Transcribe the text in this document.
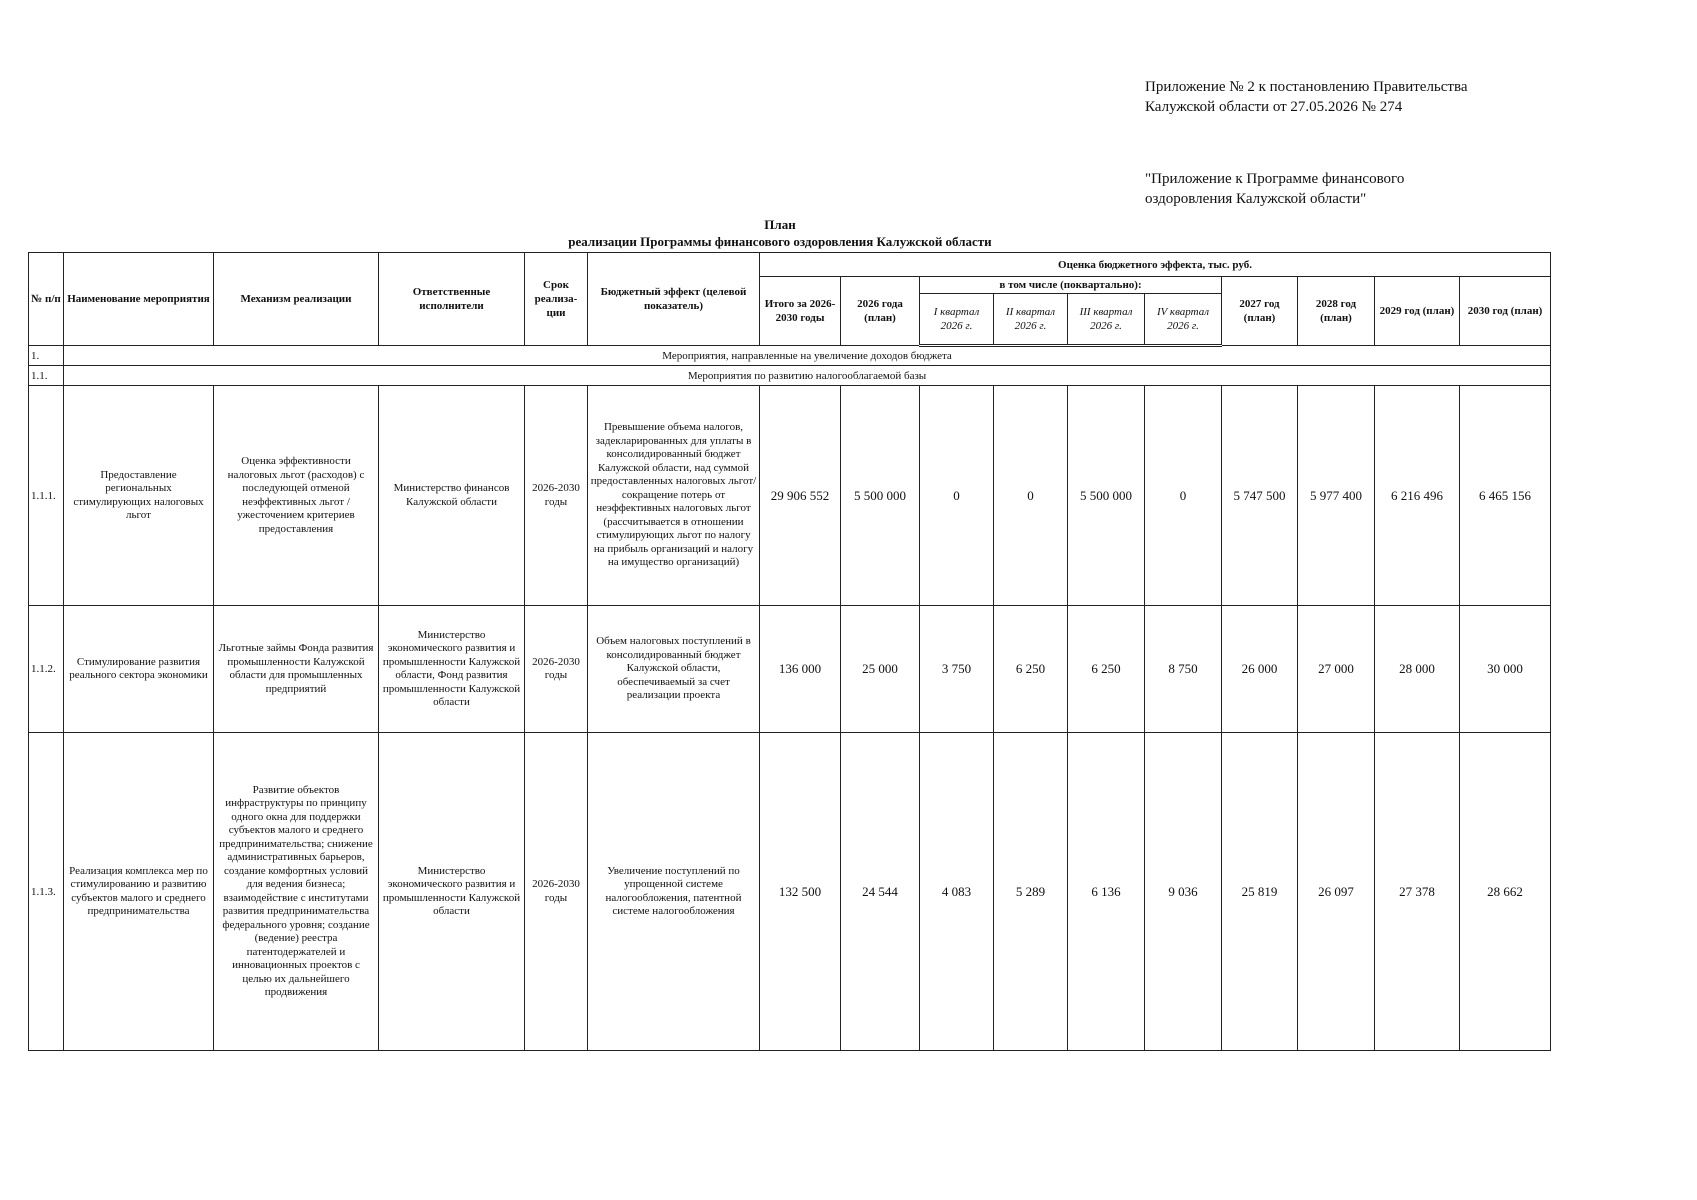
Приложение № 2 к постановлению Правительства
Калужской области от 27.05.2026 № 274
"Приложение к Программе финансового
оздоровления Калужской области"
План
реализации Программы финансового оздоровления Калужской области
№ п/п	Наименование мероприятия	Механизм реализации	Ответственные исполнители	Срок реализа-ции	Бюджетный эффект (целевой показатель)	Оценка бюджетного эффекта, тыс. руб.									
						Итого за 2026-2030 годы	2026 года (план)	в том числе (поквартально):				2027 год (план)	2028 год (план)	2029 год (план)	2030 год (план)
								I квартал 2026 г.	II квартал 2026 г.	III квартал 2026 г.	IV квартал 2026 г.				
1.	Мероприятия, направленные на увеличение доходов бюджета														
1.1.	Мероприятия по развитию налогооблагаемой базы														
1.1.1.	Предоставление региональных стимулирующих налоговых льгот	Оценка эффективности налоговых льгот (расходов) с последующей отменой неэффективных льгот / ужесточением критериев предоставления	Министерство финансов Калужской области	2026-2030 годы	Превышение объема налогов, задекларированных для уплаты в консолидированный бюджет Калужской области, над суммой предоставленных налоговых льгот/сокращение потерь от неэффективных налоговых льгот (рассчитывается в отношении стимулирующих льгот по налогу на прибыль организаций и налогу на имущество организаций)	29 906 552	5 500 000	0	0	5 500 000	0	5 747 500	5 977 400	6 216 496	6 465 156
1.1.2.	Стимулирование развития реального сектора экономики	Льготные займы Фонда развития промышленности Калужской области для промышленных предприятий	Министерство экономического развития и промышленности Калужской области, Фонд развития промышленности Калужской области	2026-2030 годы	Объем налоговых поступлений в консолидированный бюджет Калужской области, обеспечиваемый за счет реализации проекта	136 000	25 000	3 750	6 250	6 250	8 750	26 000	27 000	28 000	30 000
1.1.3.	Реализация комплекса мер по стимулированию и развитию субъектов малого и среднего предпринимательства	Развитие объектов инфраструктуры по принципу одного окна для поддержки субъектов малого и среднего предпринимательства; снижение административных барьеров, создание комфортных условий для ведения бизнеса; взаимодействие с институтами развития предпринимательства федерального уровня; создание (ведение) реестра патентодержателей и инновационных проектов с целью их дальнейшего продвижения	Министерство экономического развития и промышленности Калужской области	2026-2030 годы	Увеличение поступлений по упрощенной системе налогообложения, патентной системе налогообложения	132 500	24 544	4 083	5 289	6 136	9 036	25 819	26 097	27 378	28 662
